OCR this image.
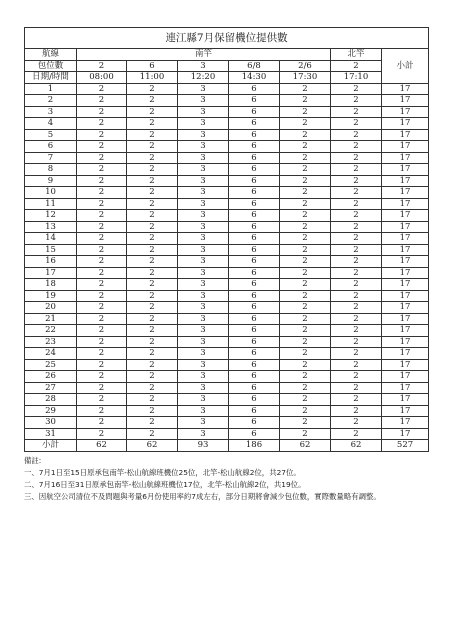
連江縣7月保留機位提供數							
航線	南竿					北竿	小計
包位數	2	6	3	6/8	2/6	2	
日期/時間	08:00	11:00	12:20	14:30	17:30	17:10	
1	2	2	3	6	2	2	17
2	2	2	3	6	2	2	17
3	2	2	3	6	2	2	17
4	2	2	3	6	2	2	17
5	2	2	3	6	2	2	17
6	2	2	3	6	2	2	17
7	2	2	3	6	2	2	17
8	2	2	3	6	2	2	17
9	2	2	3	6	2	2	17
10	2	2	3	6	2	2	17
11	2	2	3	6	2	2	17
12	2	2	3	6	2	2	17
13	2	2	3	6	2	2	17
14	2	2	3	6	2	2	17
15	2	2	3	6	2	2	17
16	2	2	3	6	2	2	17
17	2	2	3	6	2	2	17
18	2	2	3	6	2	2	17
19	2	2	3	6	2	2	17
20	2	2	3	6	2	2	17
21	2	2	3	6	2	2	17
22	2	2	3	6	2	2	17
23	2	2	3	6	2	2	17
24	2	2	3	6	2	2	17
25	2	2	3	6	2	2	17
26	2	2	3	6	2	2	17
27	2	2	3	6	2	2	17
28	2	2	3	6	2	2	17
29	2	2	3	6	2	2	17
30	2	2	3	6	2	2	17
31	2	2	3	6	2	2	17
小計	62	62	93	186	62	62	527
備註:
一、7月1日至15日原承包南竿-松山航線班機位25位，北竿-松山航線2位，共27位。
二、7月16日至31日原承包南竿-松山航線班機位17位，北竿-松山航線2位，共19位。
三、因航空公司清位不及問題與考量6月份使用率約7成左右，部分日期將會減少包位數，實際數量略有調整。
